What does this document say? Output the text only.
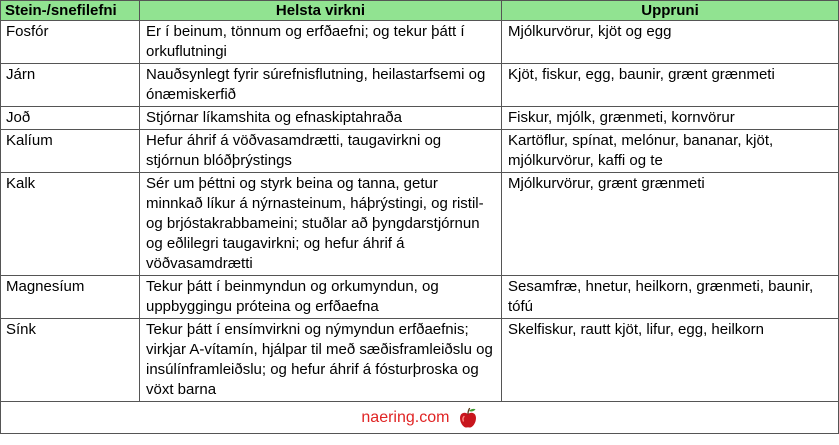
Stein-/snefilefni	Helsta virkni	Uppruni
Fosfór	Er í beinum, tönnum og erfðaefni; og tekur þátt í orkuflutningi	Mjólkurvörur, kjöt og egg
Járn	Nauðsynlegt fyrir súrefnisflutning, heilastarfsemi og ónæmiskerfið	Kjöt, fiskur, egg, baunir, grænt grænmeti
Joð	Stjórnar líkamshita og efnaskiptahraða	Fiskur, mjólk, grænmeti, kornvörur
Kalíum	Hefur áhrif á vöðvasamdrætti, taugavirkni og stjórnun blóðþrýstings	Kartöflur, spínat, melónur, bananar, kjöt, mjólkurvörur, kaffi og te
Kalk	Sér um þéttni og styrk beina og tanna, getur minnkað líkur á nýrnasteinum, háþrýstingi, og ristil- og brjóstakrabbameini; stuðlar að þyngdarstjórnun og eðlilegri taugavirkni; og hefur áhrif á vöðvasamdrætti	Mjólkurvörur, grænt grænmeti
Magnesíum	Tekur þátt í beinmyndun og orkumyndun, og uppbyggingu próteina og erfðaefna	Sesamfræ, hnetur, heilkorn, grænmeti, baunir, tófú
Sínk	Tekur þátt í ensímvirkni og nýmyndun erfðaefnis; virkjar A-vítamín, hjálpar til með sæðisframleiðslu og insúlínframleiðslu; og hefur áhrif á fósturþroska og vöxt barna	Skelfiskur, rautt kjöt, lifur, egg, heilkorn
naering.com		
